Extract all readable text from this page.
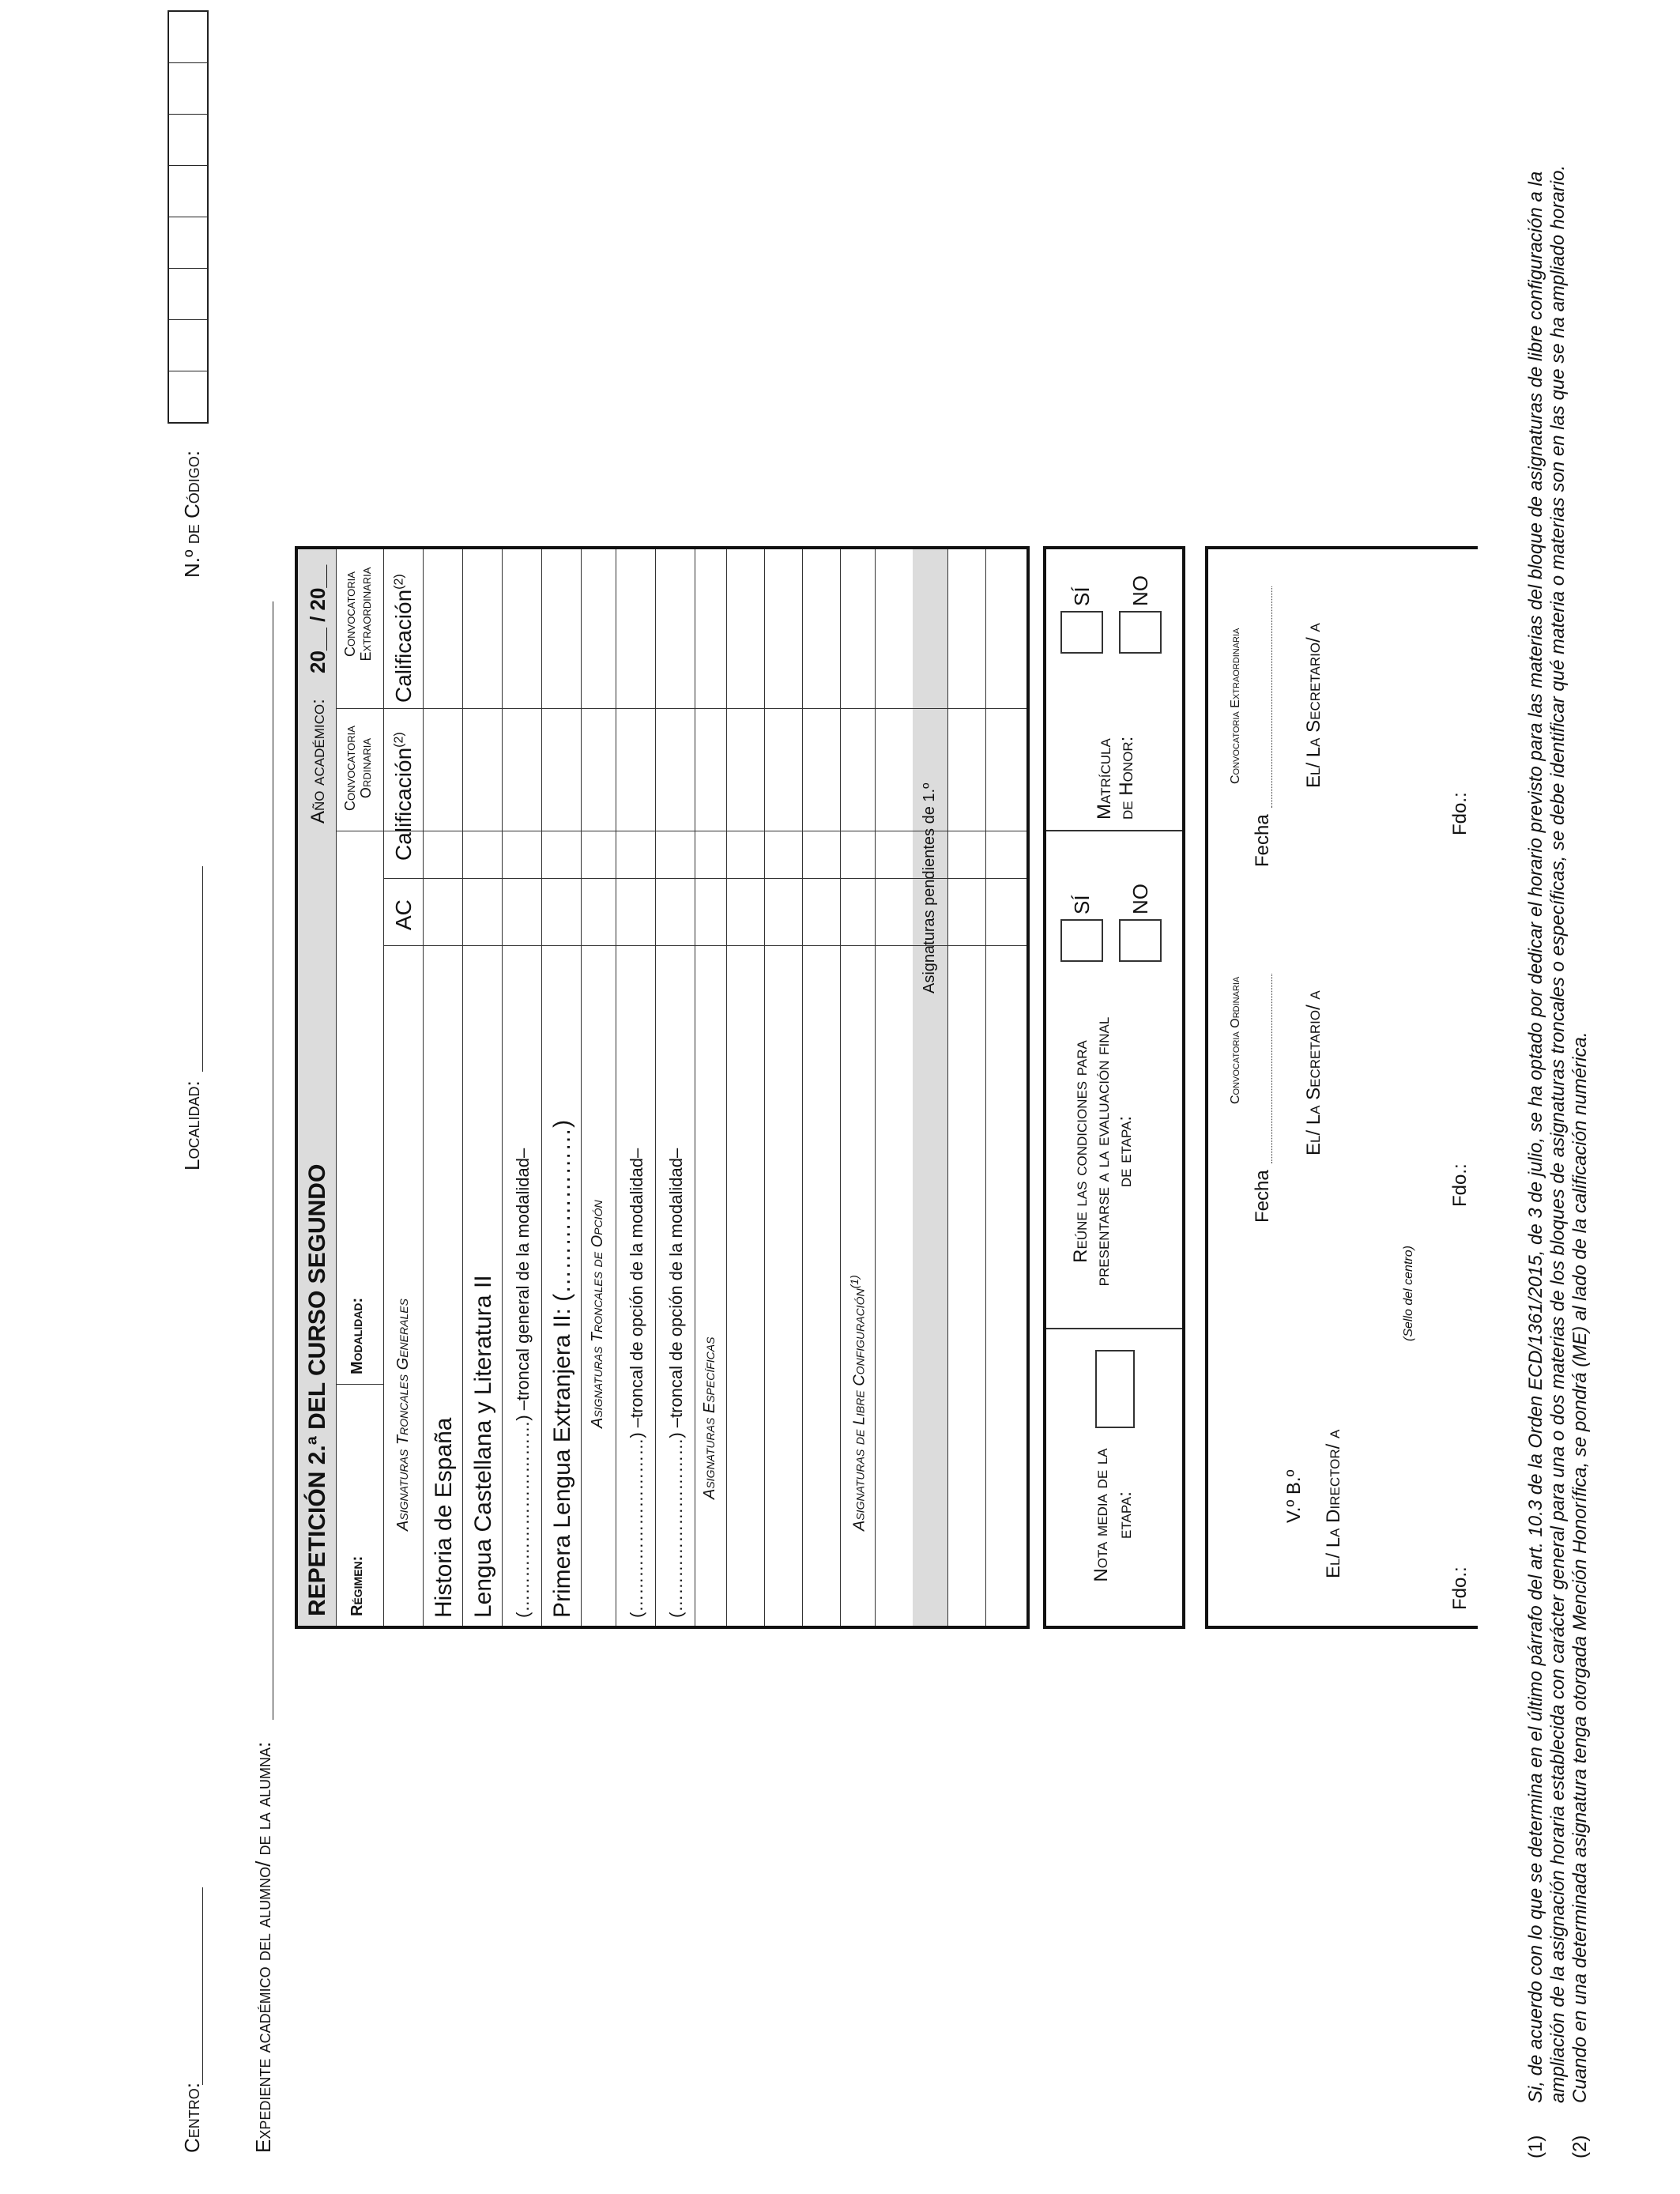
Centro:
Localidad:
N.º de Código:
Expediente académico del alumno/ de la alumna:
REPETICIÓN 2.ª DEL CURSO SEGUNDO
Año académico:
20__ / 20__
Régimen:
Modalidad:
Convocatoria Ordinaria
Convocatoria Extraordinaria
Asignaturas Troncales Generales
AC
Calificación$^{(2)}$
Calificación$^{(2)}$
Historia de España Lengua Castellana y Literatura II (……………………………) –troncal general de la modalidad– Primera Lengua Extranjera II: (…………………) Asignaturas Troncales de Opción (…………………………) –troncal de opción de la modalidad– (…………………………) –troncal de opción de la modalidad– Asignaturas Específicas	Asignaturas de Libre Configuración$^{(1)}$
Asignaturas pendientes de 1.º
Nota media de la etapa:
Reúne las condiciones para presentarse a la evaluación final de etapa:
SÍ NO
Matrícula de Honor:
SÍ NO
V.º B.º El/ La Director/ a
(Sello del centro)
Convocatoria Ordinaria
Fecha
El/ La Secretario/ a
Convocatoria Extraordinaria
Fecha
El/ La Secretario/ a
Fdo.:
Fdo.:
Fdo.:
(1)
Si, de acuerdo con lo que se determina en el último párrafo del art. 10.3 de la Orden ECD/1361/2015, de 3 de julio, se ha optado por dedicar el horario previsto para las materias del bloque de asignaturas de libre configuración a la ampliación de la asignación horaria establecida con carácter general para una o dos materias de los bloques de asignaturas troncales o específicas, se debe identificar qué materia o materias son en las que se ha ampliado horario.
(2)
Cuando en una determinada asignatura tenga otorgada Mención Honorífica, se pondrá (ME) al lado de la calificación numérica.
